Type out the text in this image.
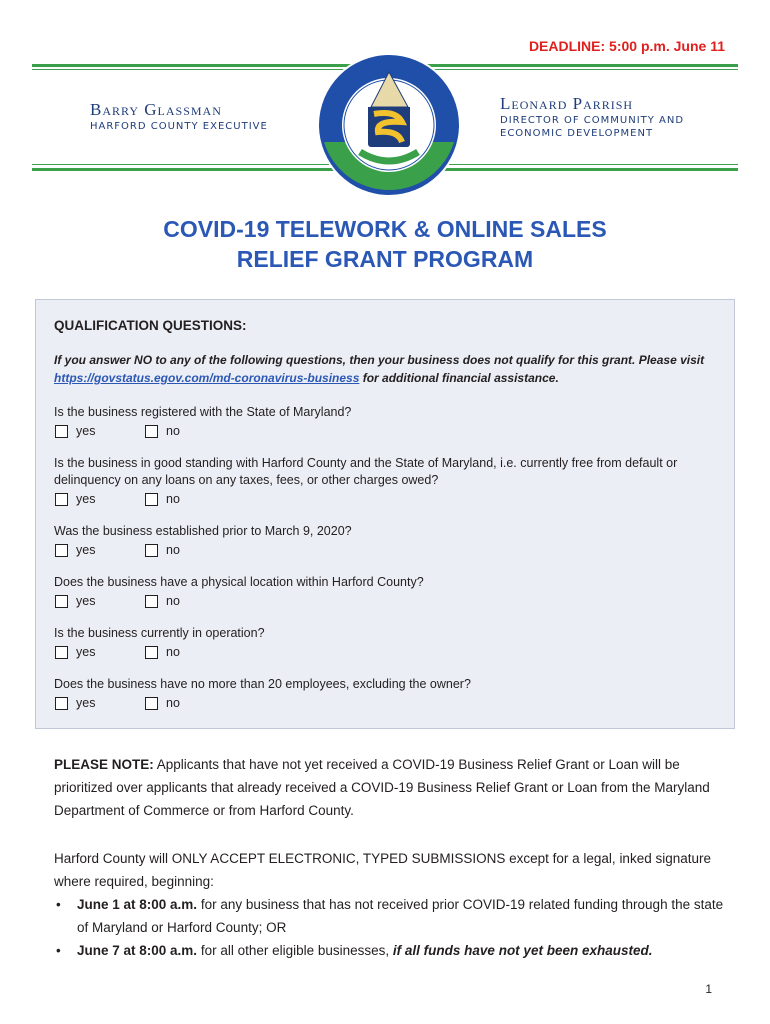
DEADLINE: 5:00 p.m. June 11
Barry Glassman
HARFORD COUNTY EXECUTIVE
Leonard Parrish
DIRECTOR OF COMMUNITY AND
ECONOMIC DEVELOPMENT
COVID-19 TELEWORK & ONLINE SALES
RELIEF GRANT PROGRAM
QUALIFICATION QUESTIONS:
If you answer NO to any of the following questions, then your business does not qualify for this grant. Please visit https://govstatus.egov.com/md-coronavirus-business for additional financial assistance.
Is the business registered with the State of Maryland?
yes	no
Is the business in good standing with Harford County and the State of Maryland, i.e. currently free from default or delinquency on any loans on any taxes, fees, or other charges owed?
yes	no
Was the business established prior to March 9, 2020?
yes	no
Does the business have a physical location within Harford County?
yes	no
Is the business currently in operation?
yes	no
Does the business have no more than 20 employees, excluding the owner?
yes	no
PLEASE NOTE: Applicants that have not yet received a COVID-19 Business Relief Grant or Loan will be prioritized over applicants that already received a COVID-19 Business Relief Grant or Loan from the Maryland Department of Commerce or from Harford County.
Harford County will ONLY ACCEPT ELECTRONIC, TYPED SUBMISSIONS except for a legal, inked signature where required, beginning:
• June 1 at 8:00 a.m. for any business that has not received prior COVID-19 related funding through the state of Maryland or Harford County; OR
• June 7 at 8:00 a.m. for all other eligible businesses, if all funds have not yet been exhausted.
1
